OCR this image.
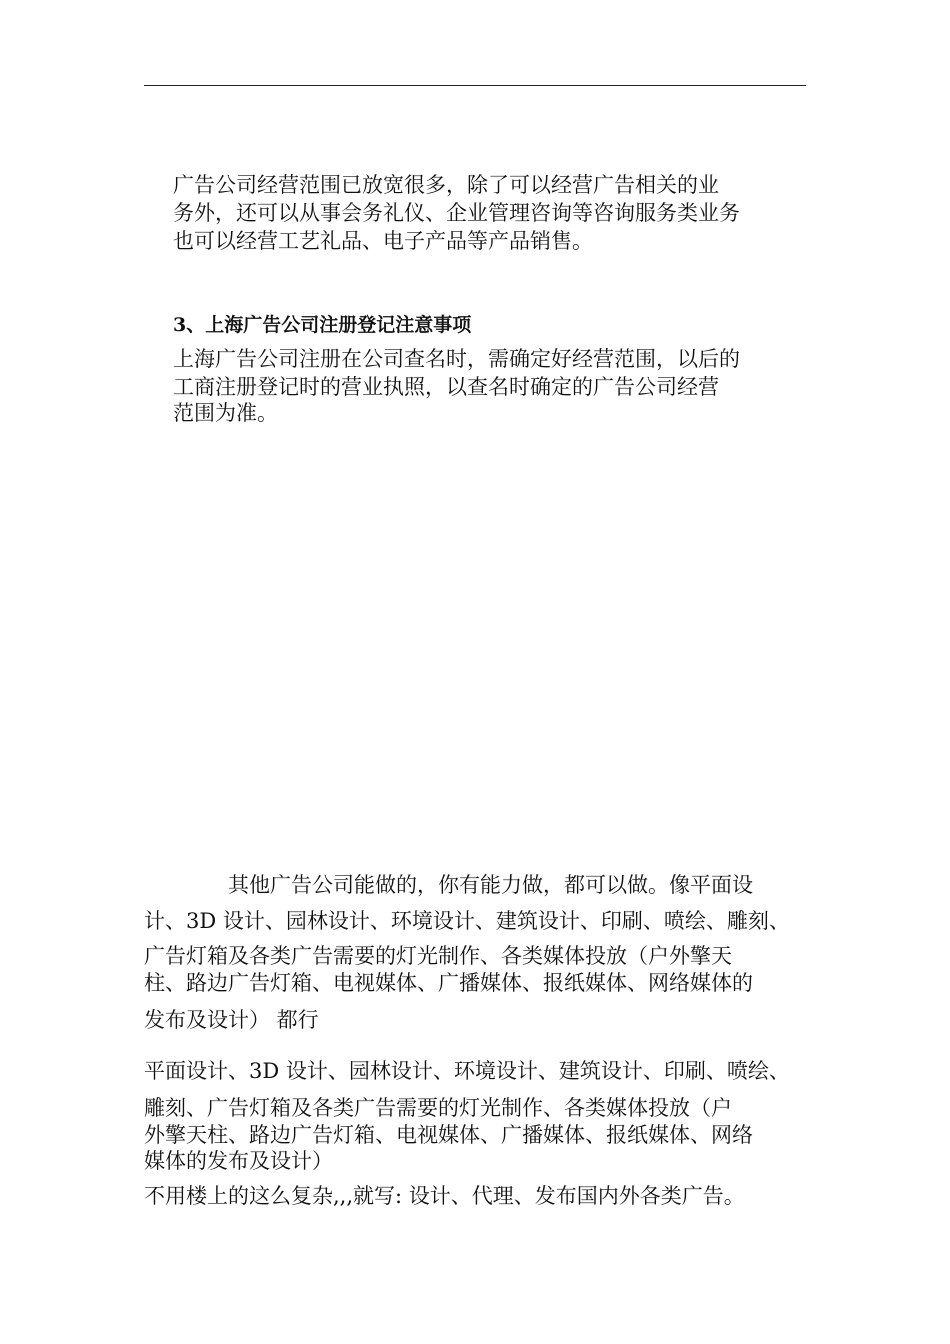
广告公司经营范围已放宽很多，除了可以经营广告相关的业
务外，还可以从事会务礼仪、企业管理咨询等咨询服务类业务
也可以经营工艺礼品、电子产品等产品销售。
3、上海广告公司注册登记注意事项
上海广告公司注册在公司查名时，需确定好经营范围，以后的
工商注册登记时的营业执照，以查名时确定的广告公司经营
范围为准。
其他广告公司能做的，你有能力做，都可以做。像平面设
计、3D 设计、园林设计、环境设计、建筑设计、印刷、喷绘、雕刻、
广告灯箱及各类广告需要的灯光制作、各类媒体投放（户外擎天
柱、路边广告灯箱、电视媒体、广播媒体、报纸媒体、网络媒体的
发布及设计） 都行
平面设计、3D 设计、园林设计、环境设计、建筑设计、印刷、喷绘、
雕刻、广告灯箱及各类广告需要的灯光制作、各类媒体投放（户
外擎天柱、路边广告灯箱、电视媒体、广播媒体、报纸媒体、网络
媒体的发布及设计）
不用楼上的这么复杂,,,就写: 设计、代理、发布国内外各类广告。
